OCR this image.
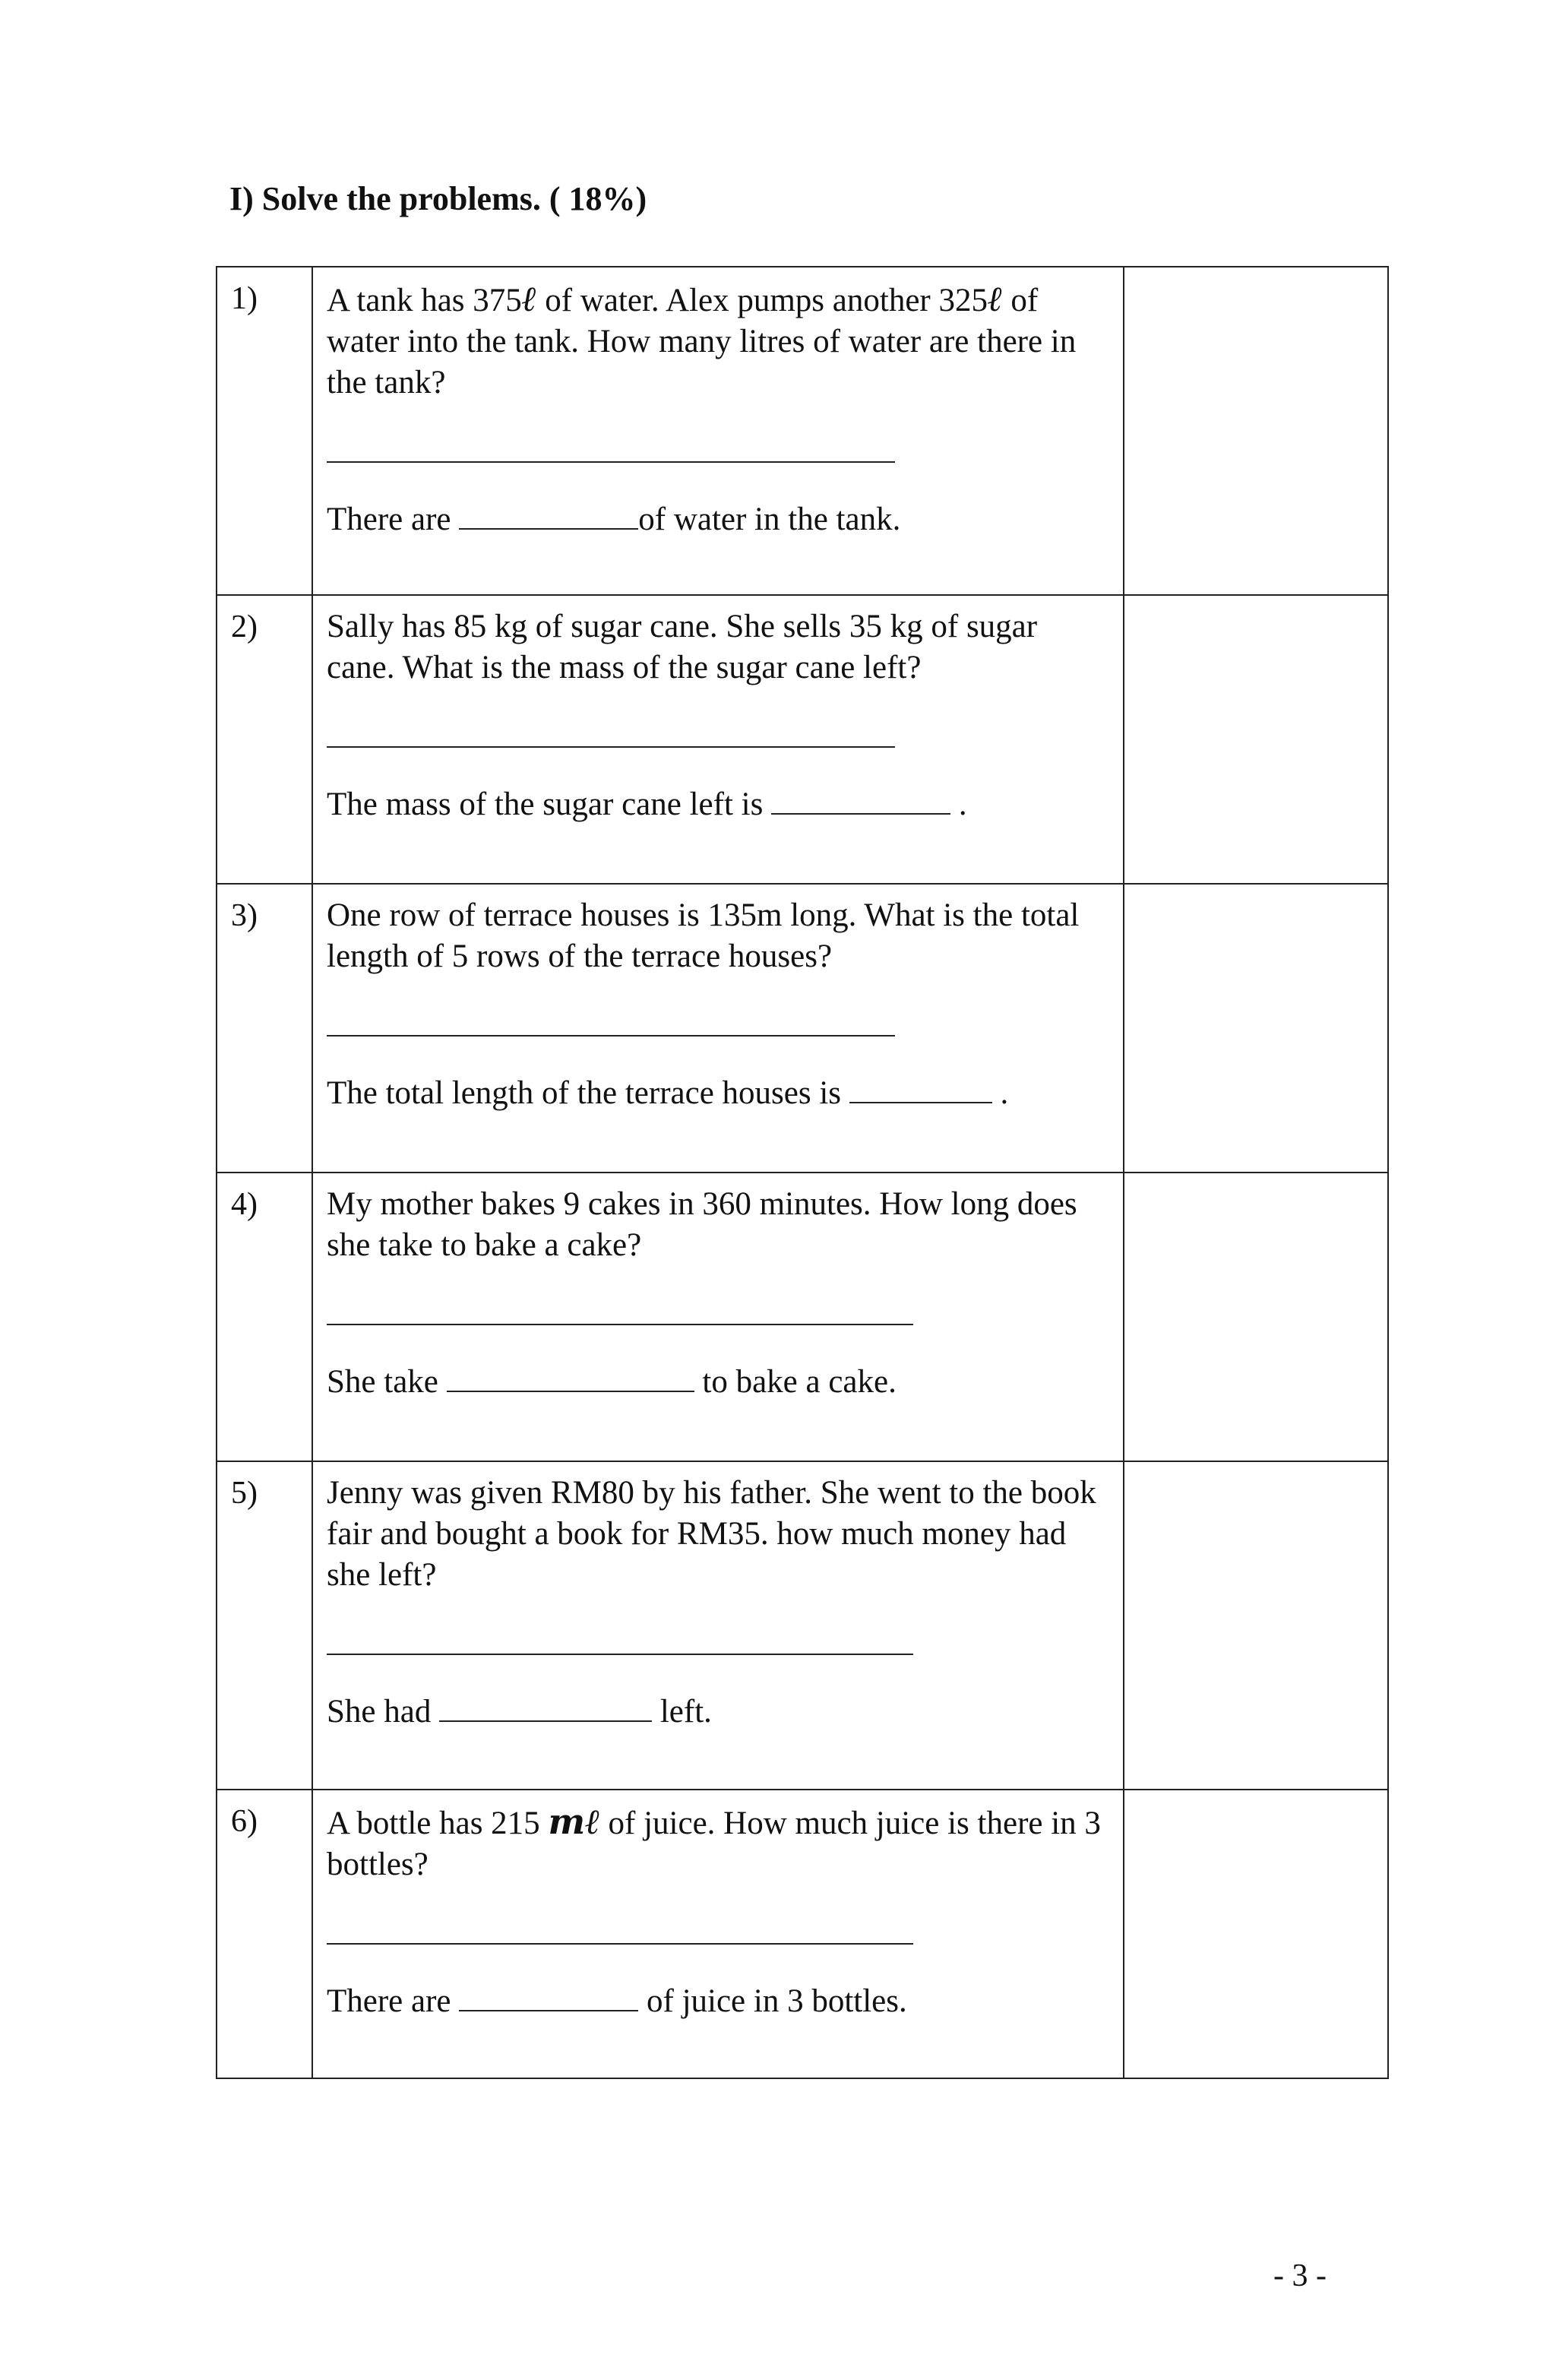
I) Solve the problems. ( 18%)
1)	A tank has 375ℓ of water. Alex pumps another 325ℓ of water into the tank. How many litres of water are there in the tank?

There are of water in the tank.	

2)	Sally has 85 kg of sugar cane. She sells 35 kg of sugar cane. What is the mass of the sugar cane left?

The mass of the sugar cane left is .	

3)	One row of terrace houses is 135m long. What is the total length of 5 rows of the terrace houses?

The total length of the terrace houses is .	

4)	My mother bakes 9 cakes in 360 minutes. How long does she take to bake a cake?

She take to bake a cake.	

5)	Jenny was given RM80 by his father. She went to the book fair and bought a book for RM35. how much money had she left?

She had left.	

6)	A bottle has 215 mℓ of juice. How much juice is there in 3 bottles?

There are of juice in 3 bottles.	

- 3 -
